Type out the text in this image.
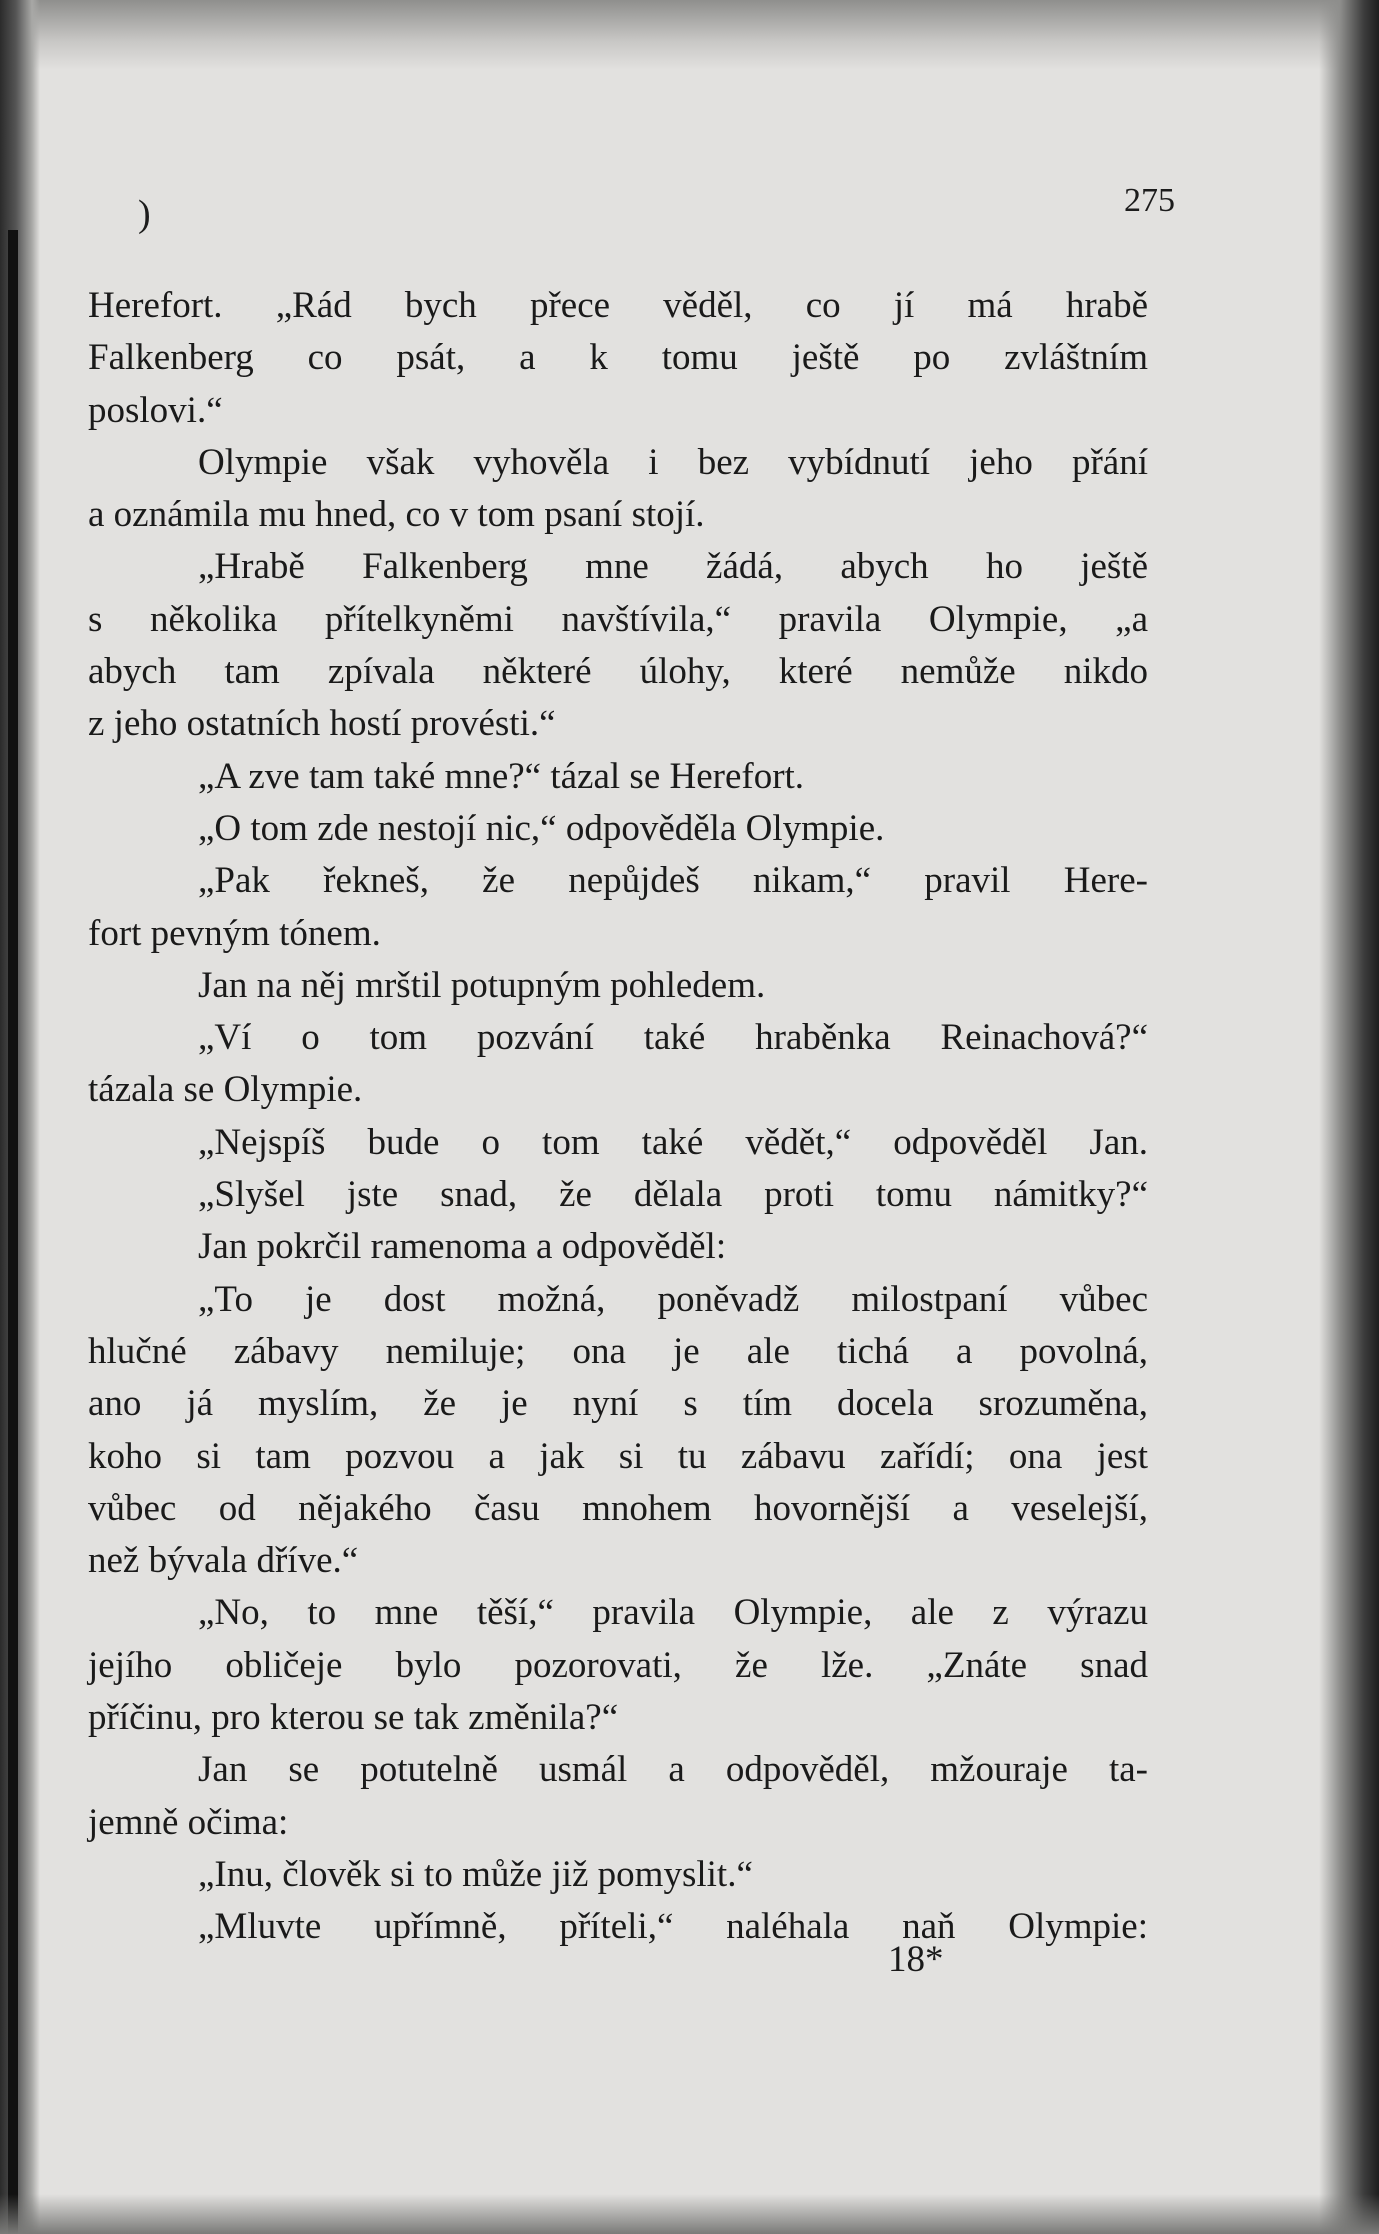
)	275
Herefort. „Rád bych přece věděl, co jí má hrabě
Falkenberg co psát, a k tomu ještě po zvláštním
poslovi.“
Olympie však vyhověla i bez vybídnutí jeho přání
a oznámila mu hned, co v tom psaní stojí.
„Hrabě Falkenberg mne žádá, abych ho ještě
s několika přítelkyněmi navštívila,“ pravila Olympie, „a
abych tam zpívala některé úlohy, které nemůže nikdo
z jeho ostatních hostí provésti.“
„A zve tam také mne?“ tázal se Herefort.
„O tom zde nestojí nic,“ odpověděla Olympie.
„Pak řekneš, že nepůjdeš nikam,“ pravil Here-
fort pevným tónem.
Jan na něj mrštil potupným pohledem.
„Ví o tom pozvání také hraběnka Reinachová?“
tázala se Olympie.
„Nejspíš bude o tom také vědět,“ odpověděl Jan.
„Slyšel jste snad, že dělala proti tomu námitky?“
Jan pokrčil ramenoma a odpověděl:
„To je dost možná, poněvadž milostpaní vůbec
hlučné zábavy nemiluje; ona je ale tichá a povolná,
ano já myslím, že je nyní s tím docela srozuměna,
koho si tam pozvou a jak si tu zábavu zařídí; ona jest
vůbec od nějakého času mnohem hovornější a veselejší,
než bývala dříve.“
„No, to mne těší,“ pravila Olympie, ale z výrazu
jejího obličeje bylo pozorovati, že lže. „Znáte snad
příčinu, pro kterou se tak změnila?“
Jan se potutelně usmál a odpověděl, mžouraje ta-
jemně očima:
„Inu, člověk si to může již pomyslit.“
„Mluvte upřímně, příteli,“ naléhala naň Olympie:
18*
